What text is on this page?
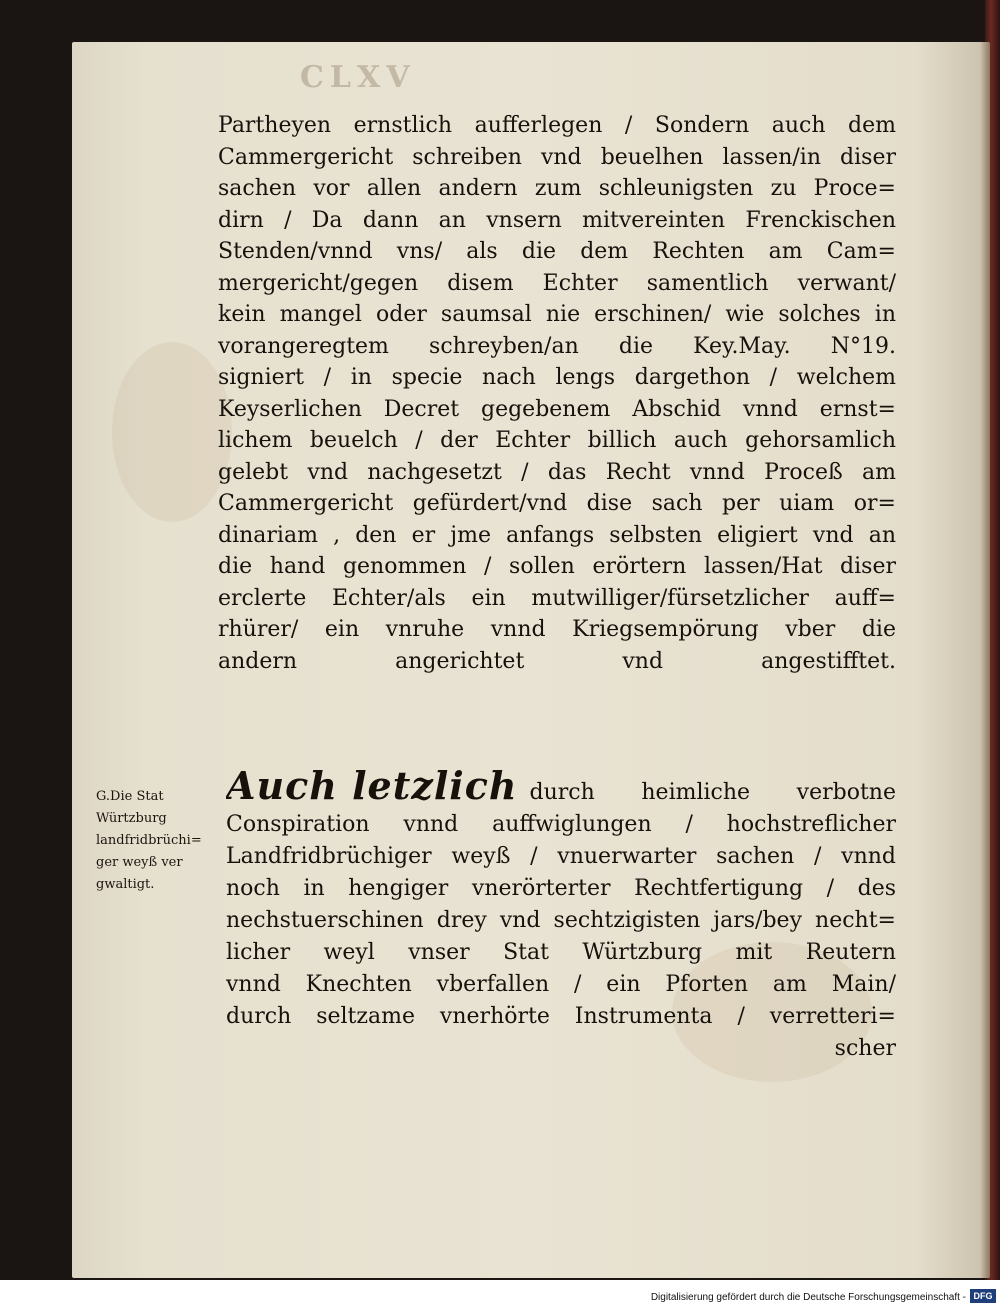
CLXV
Partheyen ernstlich aufferlegen / Sondern auch dem
Cammergericht schreiben vnd beuelhen lassen/in diser
sachen vor allen andern zum schleunigsten zu Proce=
dirn / Da dann an vnsern mitvereinten Frenckischen
Stenden/vnnd vns/ als die dem Rechten am Cam=
mergericht/gegen disem Echter samentlich verwant/
kein mangel oder saumsal nie erschinen/ wie solches in
vorangeregtem schreyben/an die Key.May. N°19.
signiert / in specie nach lengs dargethon / welchem
Keyserlichen Decret gegebenem Abschid vnnd ernst=
lichem beuelch / der Echter billich auch gehorsamlich
gelebt vnd nachgesetzt / das Recht vnnd Proceß am
Cammergericht gefürdert/vnd dise sach per uiam or=
dinariam , den er jme anfangs selbsten eligiert vnd an
die hand genommen / sollen erörtern lassen/Hat diser
erclerte Echter/als ein mutwilliger/fürsetzlicher auff=
rhürer/ ein vnruhe vnnd Kriegsempörung vber die
andern angerichtet vnd angestifftet.
G.Die Stat
Würtzburg
landfridbrüchi=
ger weyß ver
gwaltigt.
Auch letzlich durch heimliche verbotne
Conspiration vnnd auffwiglungen / hochstreflicher
Landfridbrüchiger weyß / vnuerwarter sachen / vnnd
noch in hengiger vnerörterter Rechtfertigung / des
nechstuerschinen drey vnd sechtzigisten jars/bey necht=
licher weyl vnser Stat Würtzburg mit Reutern
vnnd Knechten vberfallen / ein Pforten am Main/
durch seltzame vnerhörte Instrumenta / verretteri=
scher
Digitalisierung gefördert durch die Deutsche Forschungsgemeinschaft - DFG
